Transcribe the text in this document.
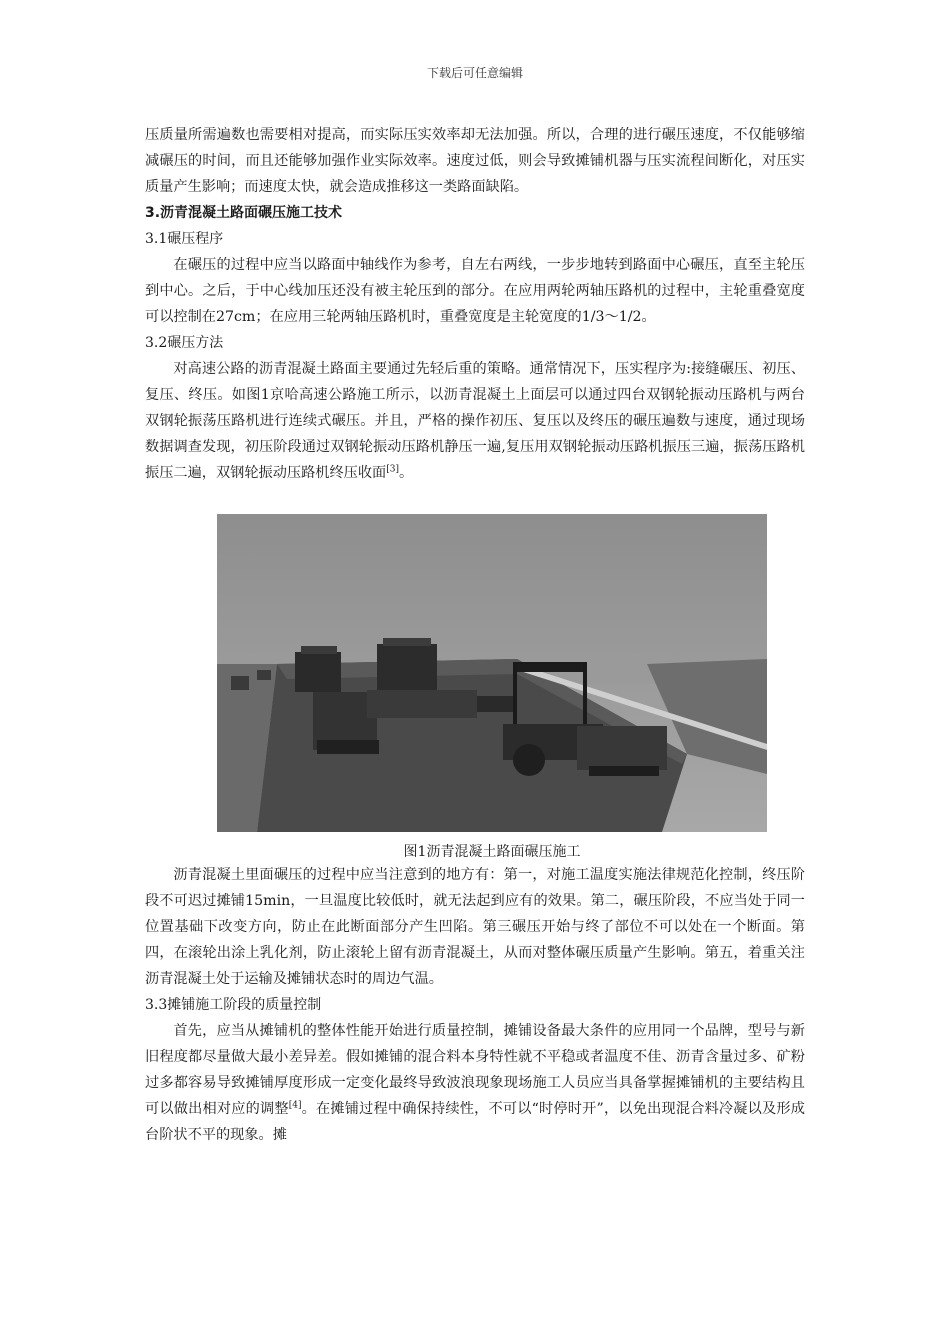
下载后可任意编辑

压质量所需遍数也需要相对提高，而实际压实效率却无法加强。所以，合理的进行碾压速度，不仅能够缩减碾压的时间，而且还能够加强作业实际效率。速度过低，则会导致摊铺机器与压实流程间断化，对压实质量产生影响；而速度太快，就会造成推移这一类路面缺陷。

3.沥青混凝土路面碾压施工技术

3.1碾压程序

在碾压的过程中应当以路面中轴线作为参考，自左右两线，一步步地转到路面中心碾压，直至主轮压到中心。之后，于中心线加压还没有被主轮压到的部分。在应用两轮两轴压路机的过程中，主轮重叠宽度可以控制在27cm；在应用三轮两轴压路机时，重叠宽度是主轮宽度的1/3～1/2。

3.2碾压方法

对高速公路的沥青混凝土路面主要通过先轻后重的策略。通常情况下，压实程序为:接缝碾压、初压、复压、终压。如图1京哈高速公路施工所示，以沥青混凝土上面层可以通过四台双钢轮振动压路机与两台双钢轮振荡压路机进行连续式碾压。并且，严格的操作初压、复压以及终压的碾压遍数与速度，通过现场数据调查发现，初压阶段通过双钢轮振动压路机静压一遍,复压用双钢轮振动压路机振压三遍，振荡压路机振压二遍，双钢轮振动压路机终压收面[3]。

图1沥青混凝土路面碾压施工

沥青混凝土里面碾压的过程中应当注意到的地方有：第一，对施工温度实施法律规范化控制，终压阶段不可迟过摊铺15min，一旦温度比较低时，就无法起到应有的效果。第二，碾压阶段，不应当处于同一位置基础下改变方向，防止在此断面部分产生凹陷。第三碾压开始与终了部位不可以处在一个断面。第四，在滚轮出涂上乳化剂，防止滚轮上留有沥青混凝土，从而对整体碾压质量产生影响。第五，着重关注沥青混凝土处于运输及摊铺状态时的周边气温。

3.3摊铺施工阶段的质量控制

首先，应当从摊铺机的整体性能开始进行质量控制，摊铺设备最大条件的应用同一个品牌，型号与新旧程度都尽量做大最小差异差。假如摊铺的混合料本身特性就不平稳或者温度不佳、沥青含量过多、矿粉过多都容易导致摊铺厚度形成一定变化最终导致波浪现象现场施工人员应当具备掌握摊铺机的主要结构且可以做出相对应的调整[4]。在摊铺过程中确保持续性，不可以“时停时开”，以免出现混合料冷凝以及形成台阶状不平的现象。摊
